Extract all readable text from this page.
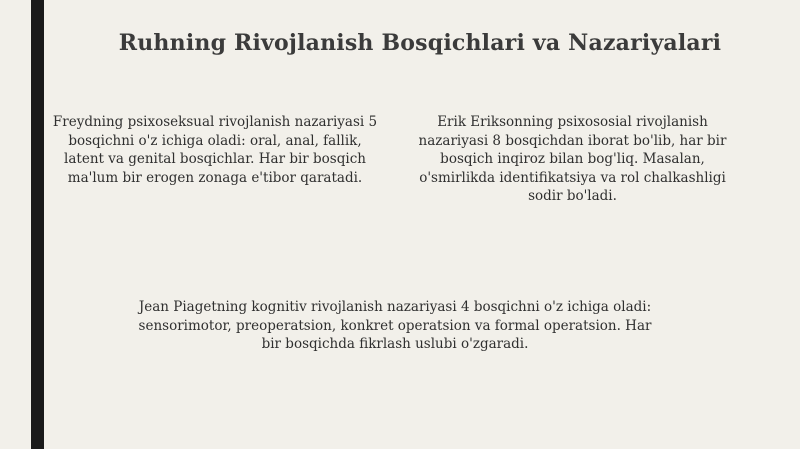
Ruhning Rivojlanish Bosqichlari va Nazariyalari
Freydning psixoseksual rivojlanish nazariyasi 5 bosqichni o'z ichiga oladi: oral, anal, fallik, latent va genital bosqichlar. Har bir bosqich ma'lum bir erogen zonaga e'tibor qaratadi.
Erik Eriksonning psixososial rivojlanish nazariyasi 8 bosqichdan iborat bo'lib, har bir bosqich inqiroz bilan bog'liq. Masalan, o'smirlikda identifikatsiya va rol chalkashligi sodir bo'ladi.
Jean Piagetning kognitiv rivojlanish nazariyasi 4 bosqichni o'z ichiga oladi: sensorimotor, preoperatsion, konkret operatsion va formal operatsion. Har bir bosqichda fikrlash uslubi o'zgaradi.
